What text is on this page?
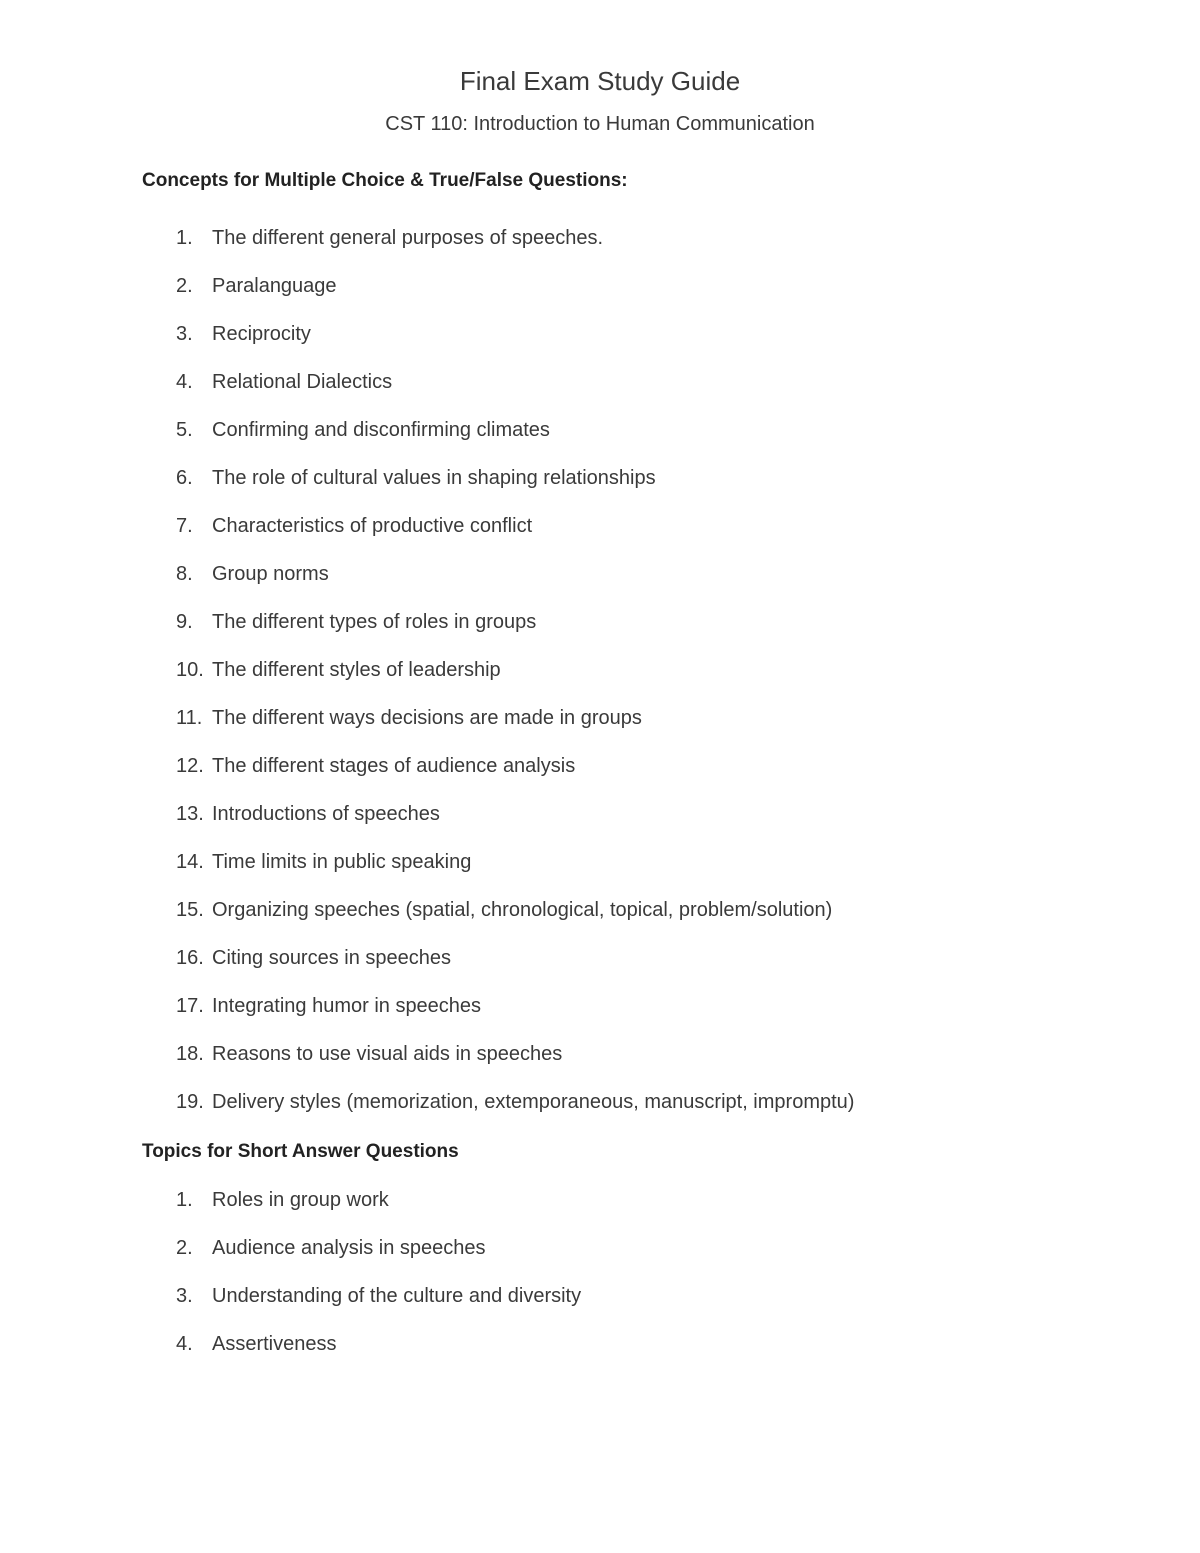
Final Exam Study Guide

CST 110: Introduction to Human Communication

Concepts for Multiple Choice & True/False Questions:
1. The different general purposes of speeches.
2. Paralanguage
3. Reciprocity
4. Relational Dialectics
5. Confirming and disconfirming climates
6. The role of cultural values in shaping relationships
7. Characteristics of productive conflict
8. Group norms
9. The different types of roles in groups
10. The different styles of leadership
11. The different ways decisions are made in groups
12. The different stages of audience analysis
13. Introductions of speeches
14. Time limits in public speaking
15. Organizing speeches (spatial, chronological, topical, problem/solution)
16. Citing sources in speeches
17. Integrating humor in speeches
18. Reasons to use visual aids in speeches
19. Delivery styles (memorization, extemporaneous, manuscript, impromptu)
Topics for Short Answer Questions
1. Roles in group work
2. Audience analysis in speeches
3. Understanding of the culture and diversity
4. Assertiveness
